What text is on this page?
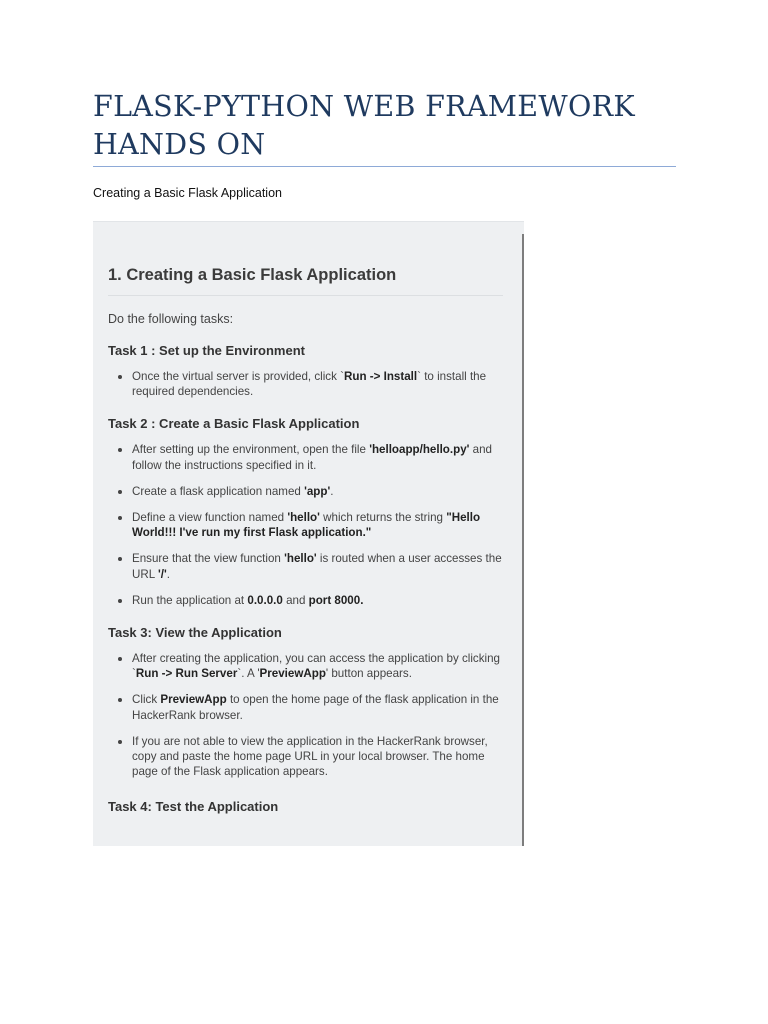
FLASK-PYTHON WEB FRAMEWORK HANDS ON

Creating a Basic Flask Application

1. Creating a Basic Flask Application

Do the following tasks:

Task 1 : Set up the Environment

Once the virtual server is provided, click `Run -> Install` to install the required dependencies.

Task 2 : Create a Basic Flask Application

After setting up the environment, open the file 'helloapp/hello.py' and follow the instructions specified in it.
Create a flask application named 'app'.
Define a view function named 'hello' which returns the string "Hello World!!! I've run my first Flask application."
Ensure that the view function 'hello' is routed when a user accesses the URL '/'.
Run the application at 0.0.0.0 and port 8000.

Task 3: View the Application

After creating the application, you can access the application by clicking `Run -> Run Server`. A 'PreviewApp' button appears.
Click PreviewApp to open the home page of the flask application in the HackerRank browser.
If you are not able to view the application in the HackerRank browser, copy and paste the home page URL in your local browser. The home page of the Flask application appears.

Task 4: Test the Application
